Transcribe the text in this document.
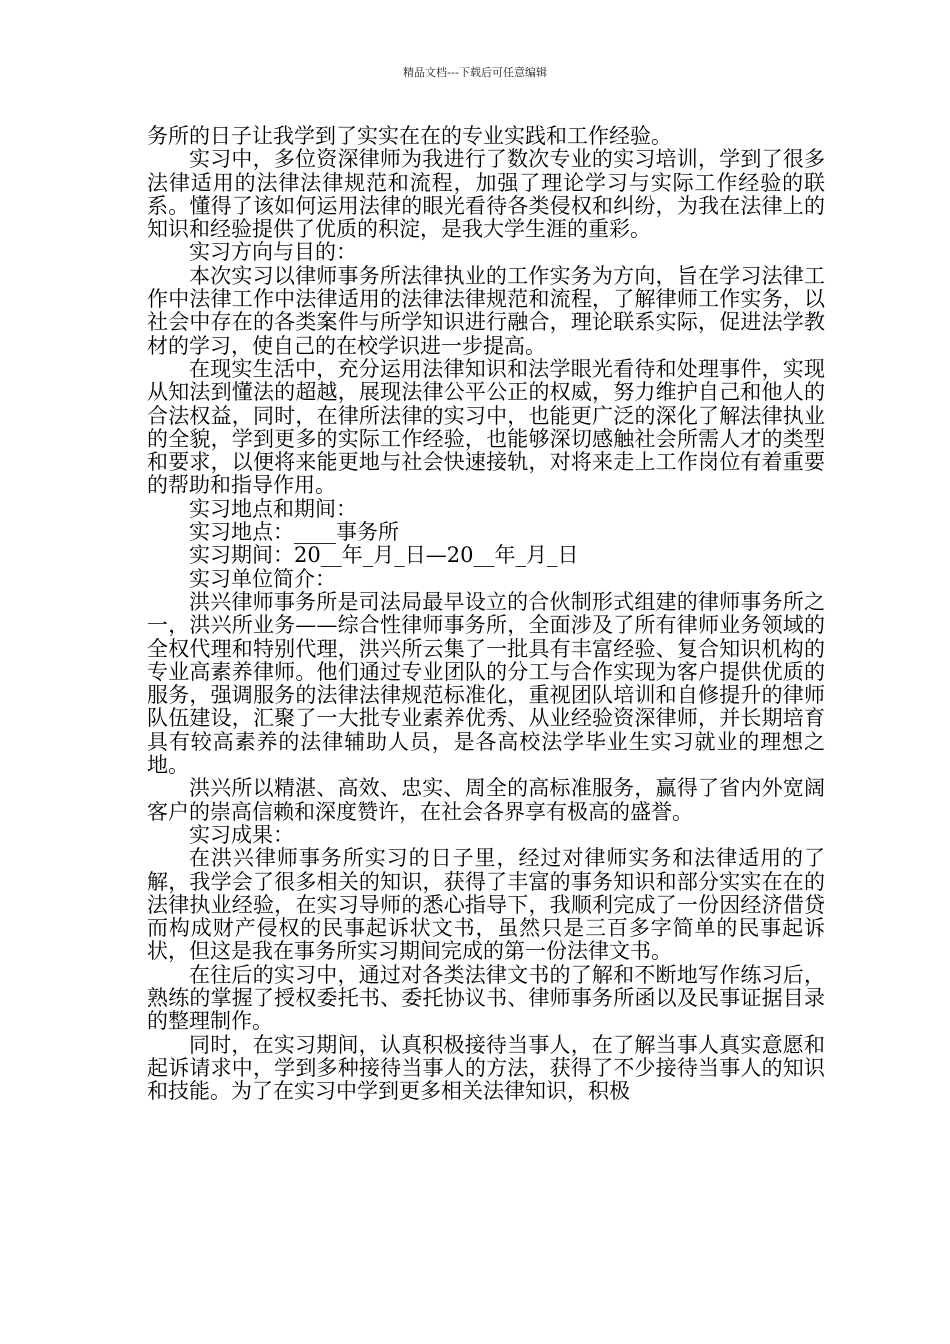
精品文档---下载后可任意编辑

务所的日子让我学到了实实在在的专业实践和工作经验。

实习中，多位资深律师为我进行了数次专业的实习培训，学到了很多法律适用的法律法律规范和流程，加强了理论学习与实际工作经验的联系。懂得了该如何运用法律的眼光看待各类侵权和纠纷，为我在法律上的知识和经验提供了优质的积淀，是我大学生涯的重彩。

实习方向与目的：

本次实习以律师事务所法律执业的工作实务为方向，旨在学习法律工作中法律工作中法律适用的法律法律规范和流程，了解律师工作实务，以社会中存在的各类案件与所学知识进行融合，理论联系实际，促进法学教材的学习，使自己的在校学识进一步提高。

在现实生活中，充分运用法律知识和法学眼光看待和处理事件，实现从知法到懂法的超越，展现法律公平公正的权威，努力维护自己和他人的合法权益，同时，在律所法律的实习中，也能更广泛的深化了解法律执业的全貌，学到更多的实际工作经验，也能够深切感触社会所需人才的类型和要求，以便将来能更地与社会快速接轨，对将来走上工作岗位有着重要的帮助和指导作用。

实习地点和期间：

实习地点：____事务所

实习期间：20__年_月_日—20__年_月_日

实习单位简介：

洪兴律师事务所是司法局最早设立的合伙制形式组建的律师事务所之一，洪兴所业务——综合性律师事务所，全面涉及了所有律师业务领域的全权代理和特别代理，洪兴所云集了一批具有丰富经验、复合知识机构的专业高素养律师。他们通过专业团队的分工与合作实现为客户提供优质的服务，强调服务的法律法律规范标准化，重视团队培训和自修提升的律师队伍建设，汇聚了一大批专业素养优秀、从业经验资深律师，并长期培育具有较高素养的法律辅助人员，是各高校法学毕业生实习就业的理想之地。

洪兴所以精湛、高效、忠实、周全的高标准服务，赢得了省内外宽阔客户的崇高信赖和深度赞许，在社会各界享有极高的盛誉。

实习成果：

在洪兴律师事务所实习的日子里，经过对律师实务和法律适用的了解，我学会了很多相关的知识，获得了丰富的事务知识和部分实实在在的法律执业经验，在实习导师的悉心指导下，我顺利完成了一份因经济借贷而构成财产侵权的民事起诉状文书，虽然只是三百多字简单的民事起诉状，但这是我在事务所实习期间完成的第一份法律文书。

在往后的实习中，通过对各类法律文书的了解和不断地写作练习后，熟练的掌握了授权委托书、委托协议书、律师事务所函以及民事证据目录的整理制作。

同时，在实习期间，认真积极接待当事人，在了解当事人真实意愿和起诉请求中，学到多种接待当事人的方法，获得了不少接待当事人的知识和技能。为了在实习中学到更多相关法律知识，积极
